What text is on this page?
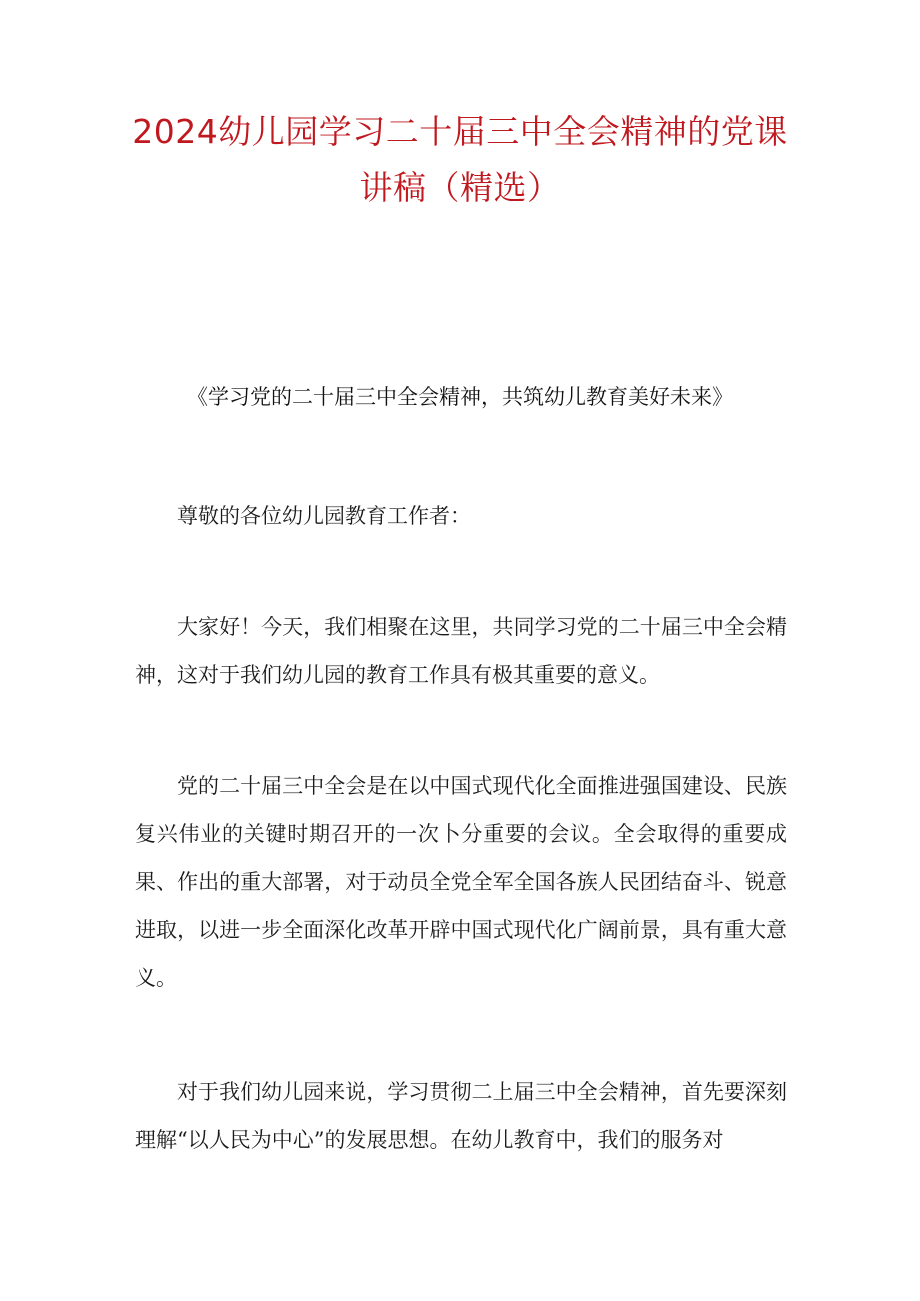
2024幼儿园学习二十届三中全会精神的党课讲稿（精选）

《学习党的二十届三中全会精神，共筑幼儿教育美好未来》

尊敬的各位幼儿园教育工作者：

大家好！今天，我们相聚在这里，共同学习党的二十届三中全会精神，这对于我们幼儿园的教育工作具有极其重要的意义。

党的二十届三中全会是在以中国式现代化全面推进强国建设、民族复兴伟业的关键时期召开的一次卜分重要的会议。全会取得的重要成果、作出的重大部署，对于动员全党全军全国各族人民团结奋斗、锐意进取，以进一步全面深化改革开辟中国式现代化广阔前景，具有重大意义。

对于我们幼儿园来说，学习贯彻二上届三中全会精神，首先要深刻理解“以人民为中心”的发展思想。在幼儿教育中，我们的服务对
